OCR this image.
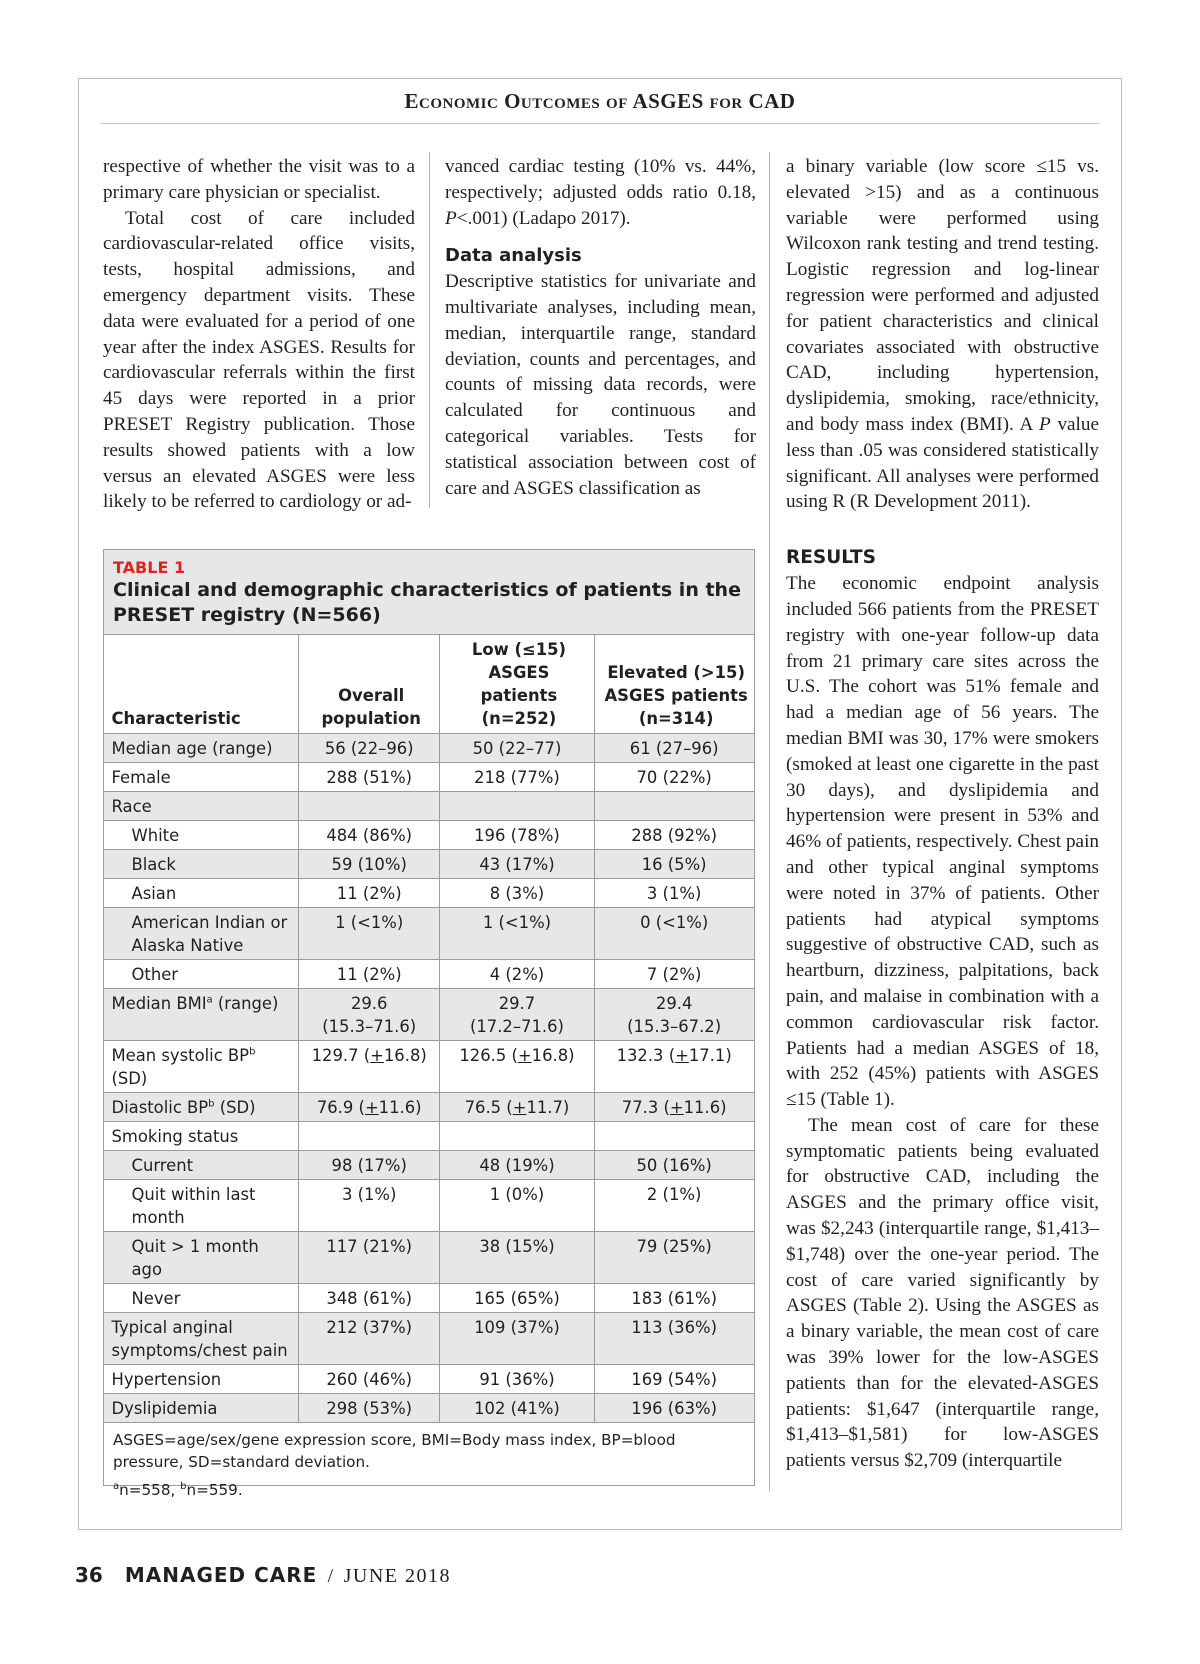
Economic Outcomes of ASGES for CAD

respective of whether the visit was to a primary care physician or specialist.

Total cost of care included cardiovascular-related office visits, tests, hospital admissions, and emergency department visits. These data were evaluated for a period of one year after the index ASGES. Results for cardiovascular referrals within the first 45 days were reported in a prior PRESET Registry publication. Those results showed patients with a low versus an elevated ASGES were less likely to be referred to cardiology or ad-

vanced cardiac testing (10% vs. 44%, respectively; adjusted odds ratio 0.18, P<.001) (Ladapo 2017).

Data analysis

Descriptive statistics for univariate and multivariate analyses, including mean, median, interquartile range, standard deviation, counts and percentages, and counts of missing data records, were calculated for continuous and categorical variables. Tests for statistical association between cost of care and ASGES classification as

a binary variable (low score ≤15 vs. elevated >15) and as a continuous variable were performed using Wilcoxon rank testing and trend testing. Logistic regression and log-linear regression were performed and adjusted for patient characteristics and clinical covariates associated with obstructive CAD, including hypertension, dyslipidemia, smoking, race/ethnicity, and body mass index (BMI). A P value less than .05 was considered statistically significant. All analyses were performed using R (R Development 2011).

RESULTS

The economic endpoint analysis included 566 patients from the PRESET registry with one-year follow-up data from 21 primary care sites across the U.S. The cohort was 51% female and had a median age of 56 years. The median BMI was 30, 17% were smokers (smoked at least one cigarette in the past 30 days), and dyslipidemia and hypertension were present in 53% and 46% of patients, respectively. Chest pain and other typical anginal symptoms were noted in 37% of patients. Other patients had atypical symptoms suggestive of obstructive CAD, such as heartburn, dizziness, palpitations, back pain, and malaise in combination with a common cardiovascular risk factor. Patients had a median ASGES of 18, with 252 (45%) patients with ASGES ≤15 (Table 1).

The mean cost of care for these symptomatic patients being evaluated for obstructive CAD, including the ASGES and the primary office visit, was $2,243 (interquartile range, $1,413–$1,748) over the one-year period. The cost of care varied significantly by ASGES (Table 2). Using the ASGES as a binary variable, the mean cost of care was 39% lower for the low-ASGES patients than for the elevated-ASGES patients: $1,647 (interquartile range, $1,413–$1,581) for low-ASGES patients versus $2,709 (interquartile

TABLE 1
Clinical and demographic characteristics of patients in the PRESET registry (N=566)
Characteristic	Overall
population	Low (≤15)
ASGES patients
(n=252)	Elevated (>15)
ASGES patients
(n=314)
Median age (range)	56 (22–96)	50 (22–77)	61 (27–96)
Female	288 (51%)	218 (77%)	70 (22%)
Race			
White	484 (86%)	196 (78%)	288 (92%)
Black	59 (10%)	43 (17%)	16 (5%)
Asian	11 (2%)	8 (3%)	3 (1%)
American Indian or Alaska Native	1 (<1%)	1 (<1%)	0 (<1%)
Other	11 (2%)	4 (2%)	7 (2%)
Median BMI$^a$ (range)	29.6
(15.3–71.6)	29.7
(17.2–71.6)	29.4
(15.3–67.2)
Mean systolic $BP^b$ (SD)	129.7 (+16.8)	126.5 (+16.8)	132.3 (+17.1)
Diastolic $BP^b$ (SD)	76.9 (+11.6)	76.5 (+11.7)	77.3 (+11.6)
Smoking status			
Current	98 (17%)	48 (19%)	50 (16%)
Quit within last month	3 (1%)	1 (0%)	2 (1%)
Quit > 1 month ago	117 (21%)	38 (15%)	79 (25%)
Never	348 (61%)	165 (65%)	183 (61%)
Typical anginal symptoms/chest pain	212 (37%)	109 (37%)	113 (36%)
Hypertension	260 (46%)	91 (36%)	169 (54%)
Dyslipidemia	298 (53%)	102 (41%)	196 (63%)
ASGES=age/sex/gene expression score, BMI=Body mass index, BP=blood pressure, SD=standard deviation.
$^a$n=558, $^b$n=559.
36 MANAGED CARE / JUNE 2018
